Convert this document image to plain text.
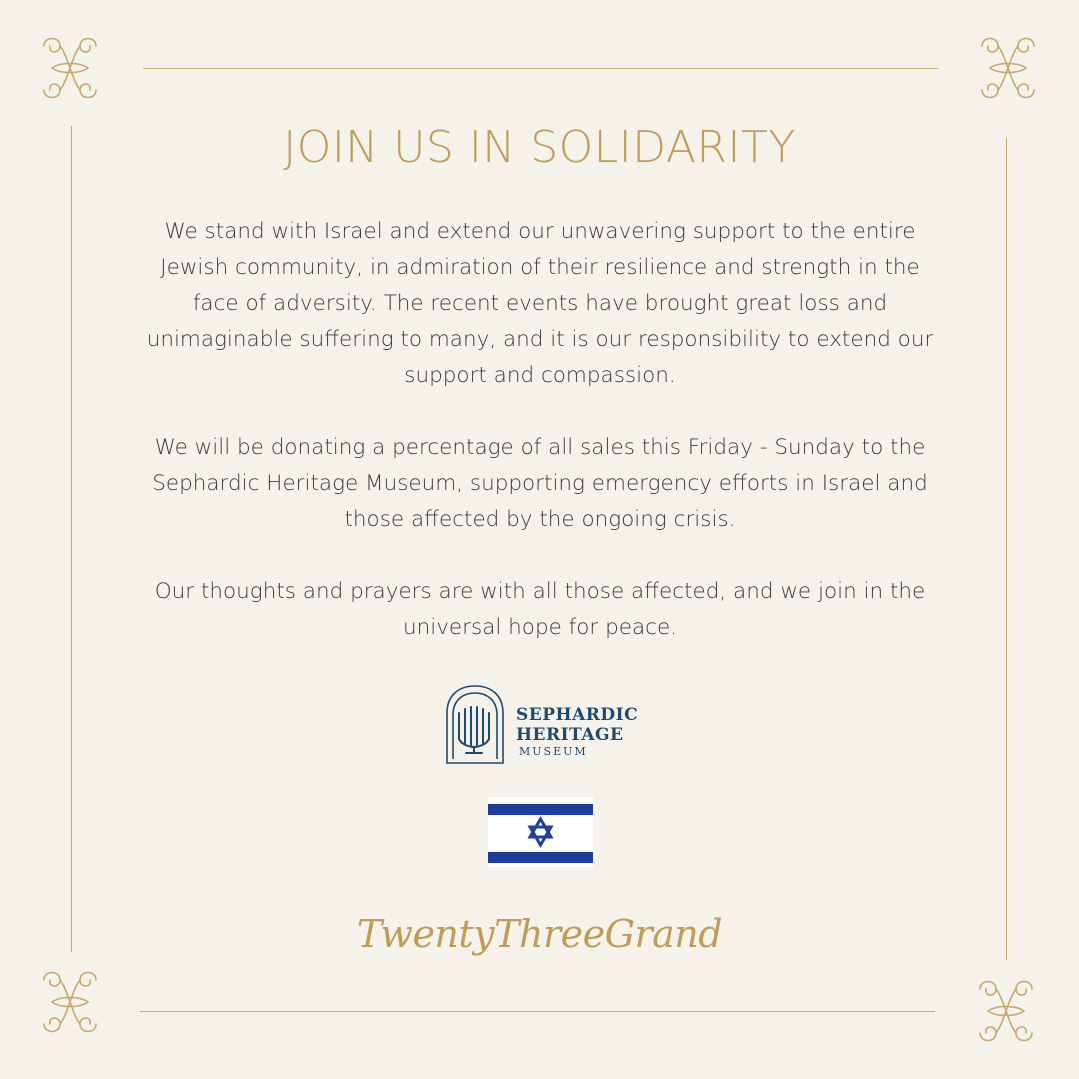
JOIN US IN SOLIDARITY

We stand with Israel and extend our unwavering support to the entire Jewish community, in admiration of their resilience and strength in the face of adversity. The recent events have brought great loss and unimaginable suffering to many, and it is our responsibility to extend our support and compassion.

We will be donating a percentage of all sales this Friday - Sunday to the Sephardic Heritage Museum, supporting emergency efforts in Israel and those affected by the ongoing crisis.

Our thoughts and prayers are with all those affected, and we join in the universal hope for peace.

SEPHARDIC
HERITAGE
MUSEUM
TwentyThreeGrand
